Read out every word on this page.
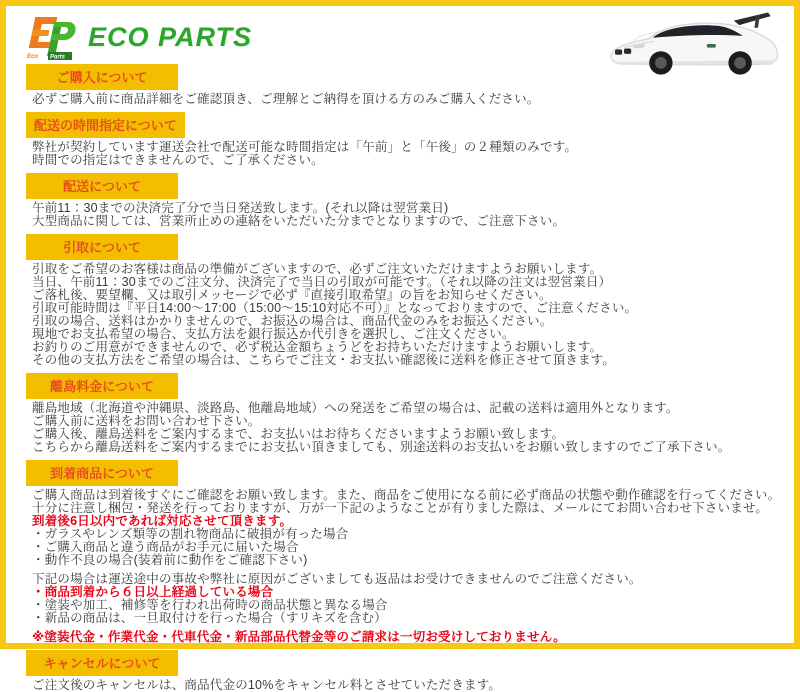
Eco Parts
ECO PARTS
ご購入について
必ずご購入前に商品詳細をご確認頂き、ご理解とご納得を頂ける方のみご購入ください。
配送の時間指定について
弊社が契約しています運送会社で配送可能な時間指定は「午前」と「午後」の２種類のみです。
時間での指定はできませんので、ご了承ください。
配送について
午前11：30までの決済完了分で当日発送致します。(それ以降は翌営業日)
大型商品に関しては、営業所止めの連絡をいただいた分までとなりますので、ご注意下さい。
引取について
引取をご希望のお客様は商品の準備がございますので、必ずご注文いただけますようお願いします。
当日、午前11：30までのご注文分、決済完了で当日の引取が可能です。（それ以降の注文は翌営業日）
ご落札後、要望欄、又は取引メッセージで必ず『直接引取希望』の旨をお知らせください。
引取可能時間は『平日14:00～17:00（15:00～15:10対応不可）』となっておりますので、ご注意ください。
引取の場合、送料はかかりませんので、お振込の場合は、商品代金のみをお振込ください。
現地でお支払希望の場合、支払方法を銀行振込か代引きを選択し、ご注文ください。
お釣りのご用意ができませんので、必ず税込金額ちょうどをお持ちいただけますようお願いします。
その他の支払方法をご希望の場合は、こちらでご注文・お支払い確認後に送料を修正させて頂きます。
離島料金について
離島地域（北海道や沖縄県、淡路島、他離島地域）への発送をご希望の場合は、記載の送料は適用外となります。
ご購入前に送料をお問い合わせ下さい。
ご購入後、離島送料をご案内するまで、お支払いはお待ちくださいますようお願い致します。
こちらから離島送料をご案内するまでにお支払い頂きましても、別途送料のお支払いをお願い致しますのでご了承下さい。
到着商品について
ご購入商品は到着後すぐにご確認をお願い致します。また、商品をご使用になる前に必ず商品の状態や動作確認を行ってください。
十分に注意し梱包・発送を行っておりますが、万が一下記のようなことが有りました際は、メールにてお問い合わせ下さいませ。
到着後6日以内であれば対応させて頂きます。
・ガラスやレンズ類等の割れ物商品に破損が有った場合
・ご購入商品と違う商品がお手元に届いた場合
・動作不良の場合(装着前に動作をご確認下さい)
下記の場合は運送途中の事故や弊社に原因がございましても返品はお受けできませんのでご注意ください。
・商品到着から６日以上経過している場合
・塗装や加工、補修等を行われ出荷時の商品状態と異なる場合
・新品の商品は、一旦取付けを行った場合（すリキズを含む）
※塗装代金・作業代金・代車代金・新品部品代替金等のご請求は一切お受けしておりません。
キャンセルについて
ご注文後のキャンセルは、商品代金の10%をキャンセル料とさせていただきます。
